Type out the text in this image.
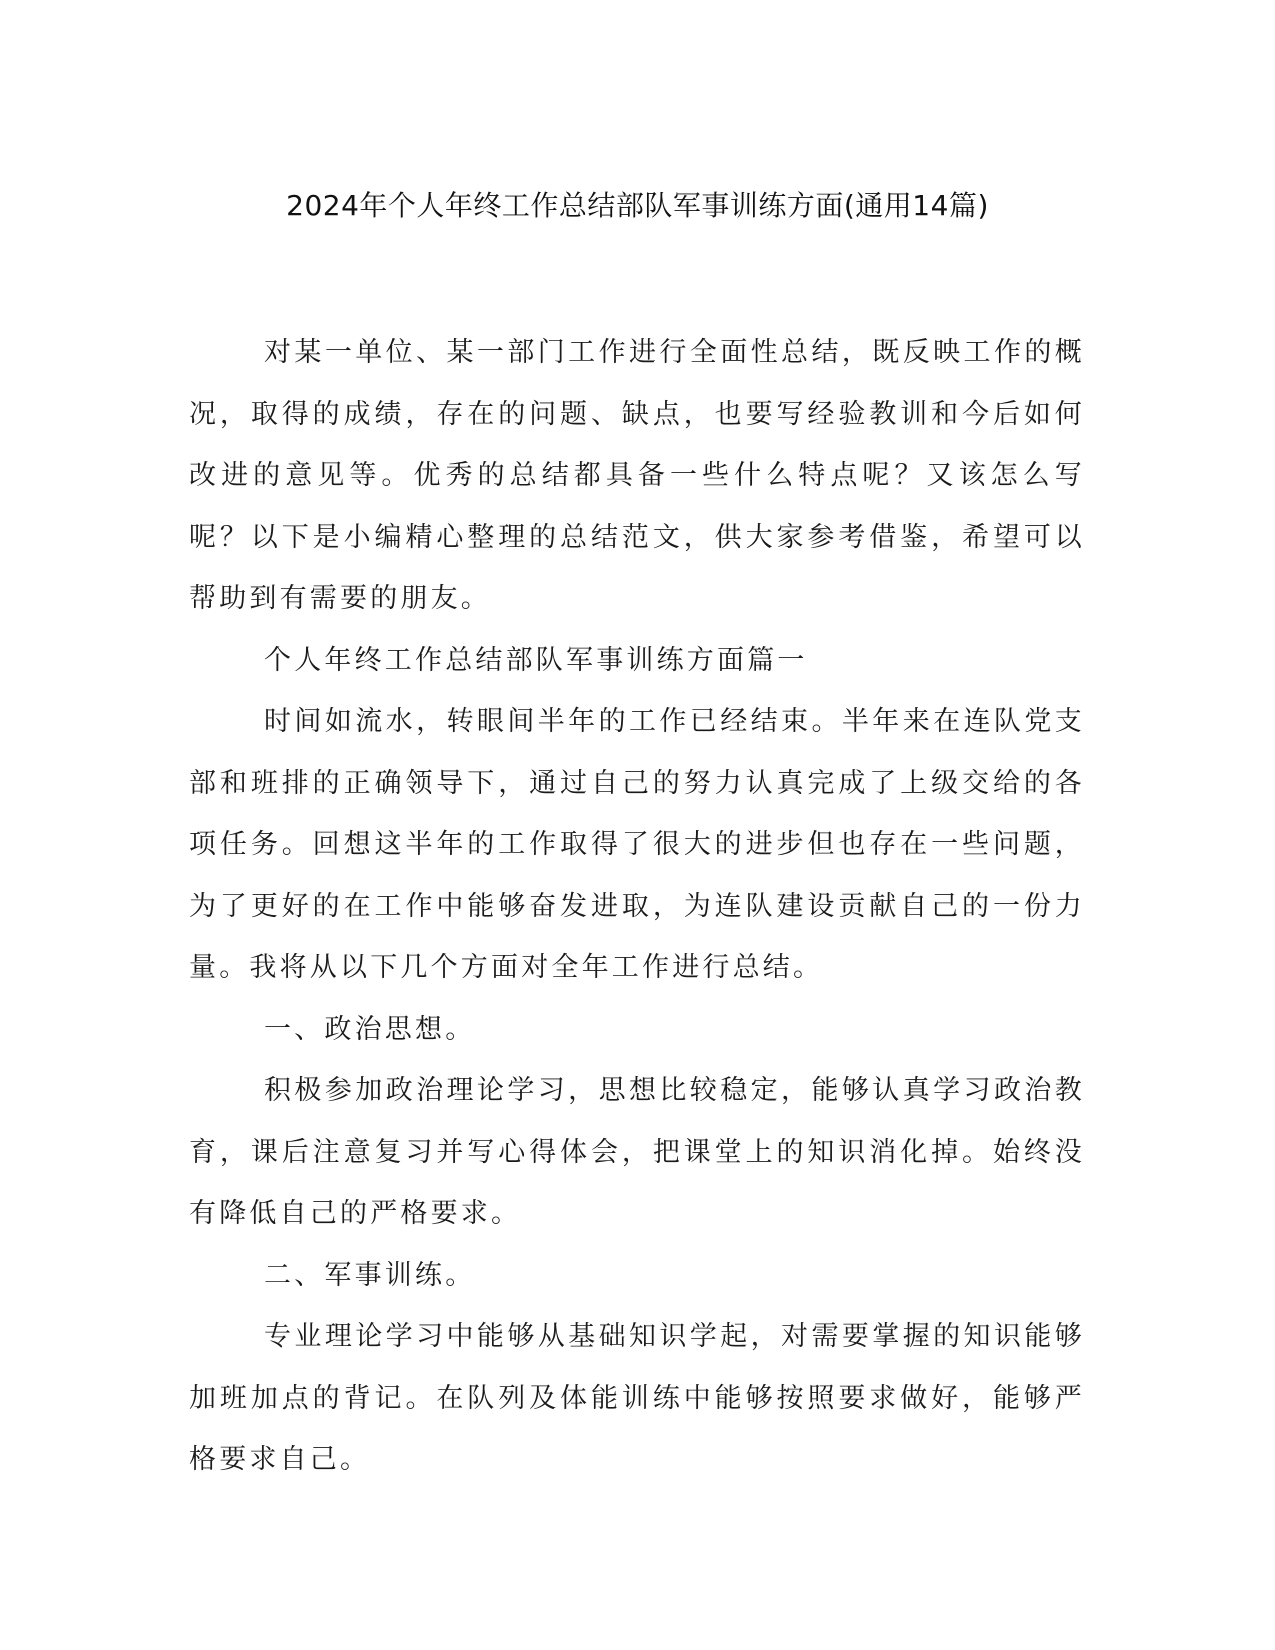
2024年个人年终工作总结部队军事训练方面(通用14篇)

对某一单位、某一部门工作进行全面性总结，既反映工作的概况，取得的成绩，存在的问题、缺点，也要写经验教训和今后如何改进的意见等。优秀的总结都具备一些什么特点呢？又该怎么写呢？以下是小编精心整理的总结范文，供大家参考借鉴，希望可以帮助到有需要的朋友。

个人年终工作总结部队军事训练方面篇一

时间如流水，转眼间半年的工作已经结束。半年来在连队党支部和班排的正确领导下，通过自己的努力认真完成了上级交给的各项任务。回想这半年的工作取得了很大的进步但也存在一些问题，为了更好的在工作中能够奋发进取，为连队建设贡献自己的一份力量。我将从以下几个方面对全年工作进行总结。

一、政治思想。

积极参加政治理论学习，思想比较稳定，能够认真学习政治教育，课后注意复习并写心得体会，把课堂上的知识消化掉。始终没有降低自己的严格要求。

二、军事训练。

专业理论学习中能够从基础知识学起，对需要掌握的知识能够加班加点的背记。在队列及体能训练中能够按照要求做好，能够严格要求自己。
